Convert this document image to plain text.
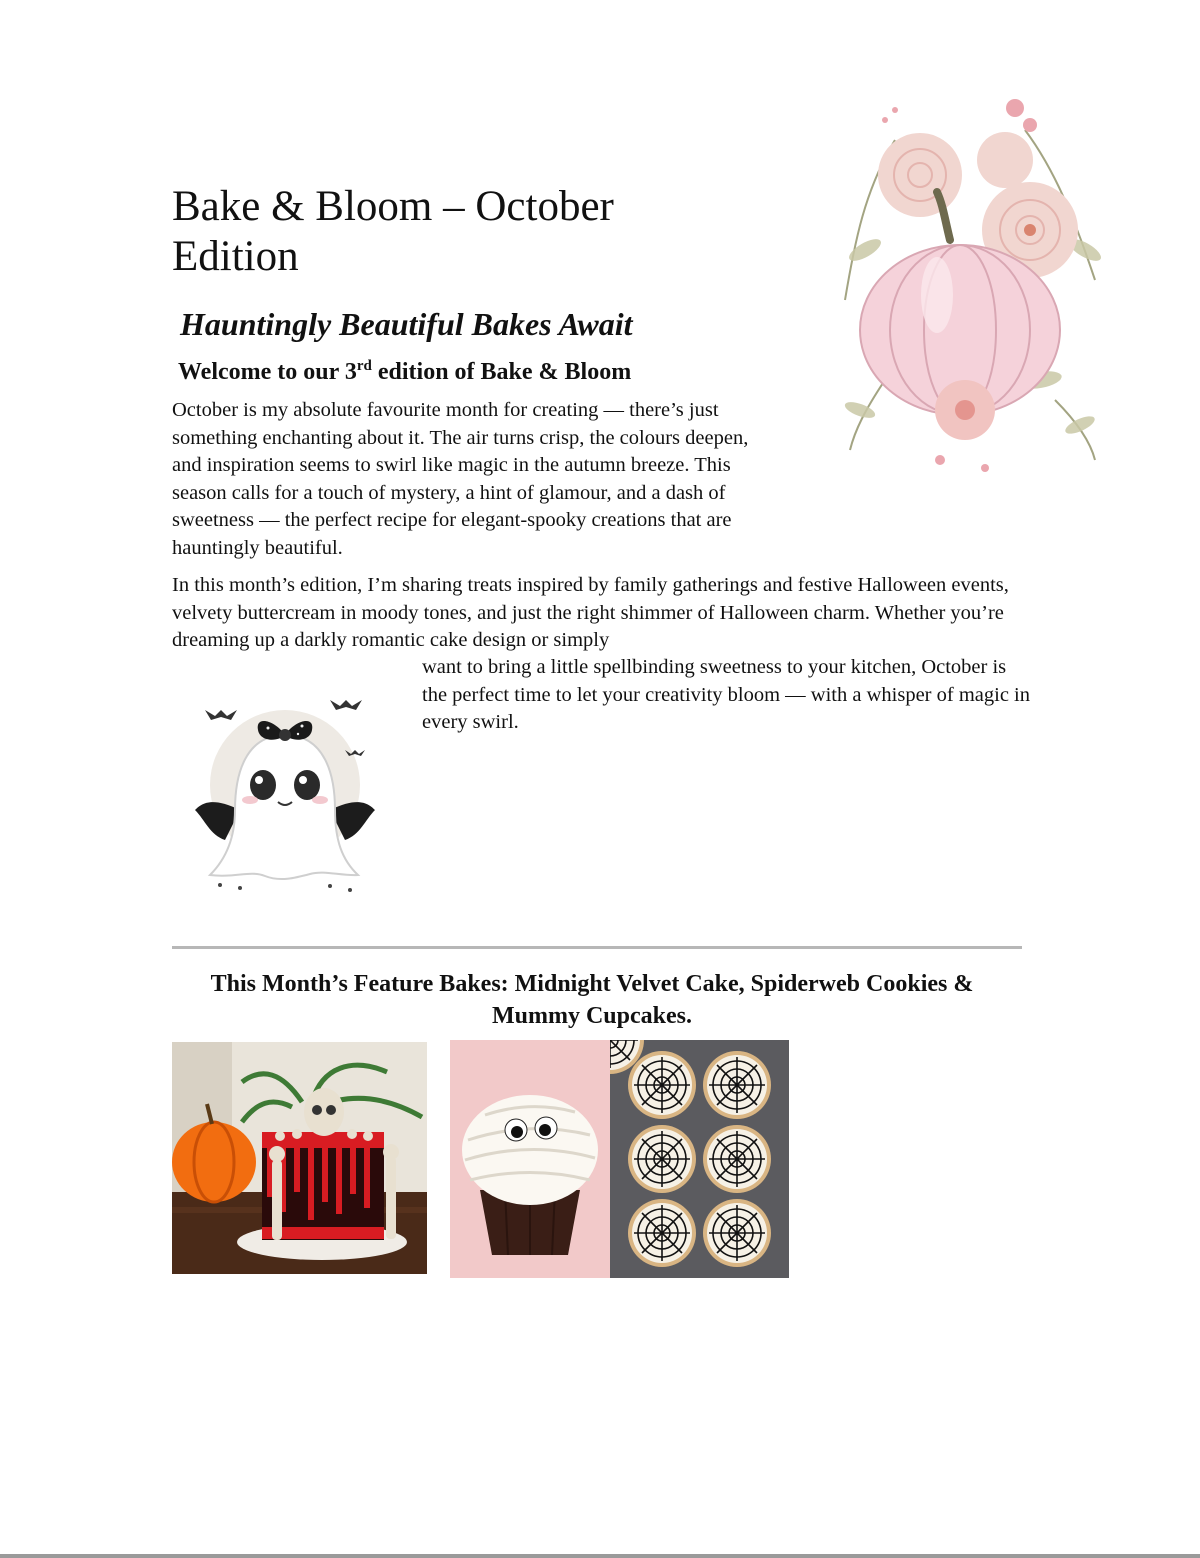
Bake & Bloom – October Edition
Hauntingly Beautiful Bakes Await
Welcome to our 3rd edition of Bake & Bloom

October is my absolute favourite month for creating — there’s just something enchanting about it. The air turns crisp, the colours deepen, and inspiration seems to swirl like magic in the autumn breeze. This season calls for a touch of mystery, a hint of glamour, and a dash of sweetness — the perfect recipe for elegant-spooky creations that are hauntingly beautiful.

In this month’s edition, I’m sharing treats inspired by family gatherings and festive Halloween events, velvety buttercream in moody tones, and just the right shimmer of Halloween charm. Whether you’re dreaming up a darkly romantic cake design or simply

want to bring a little spellbinding sweetness to your kitchen, October is the perfect time to let your creativity bloom — with a whisper of magic in every swirl.

This Month’s Feature Bakes: Midnight Velvet Cake, Spiderweb Cookies & Mummy Cupcakes.
